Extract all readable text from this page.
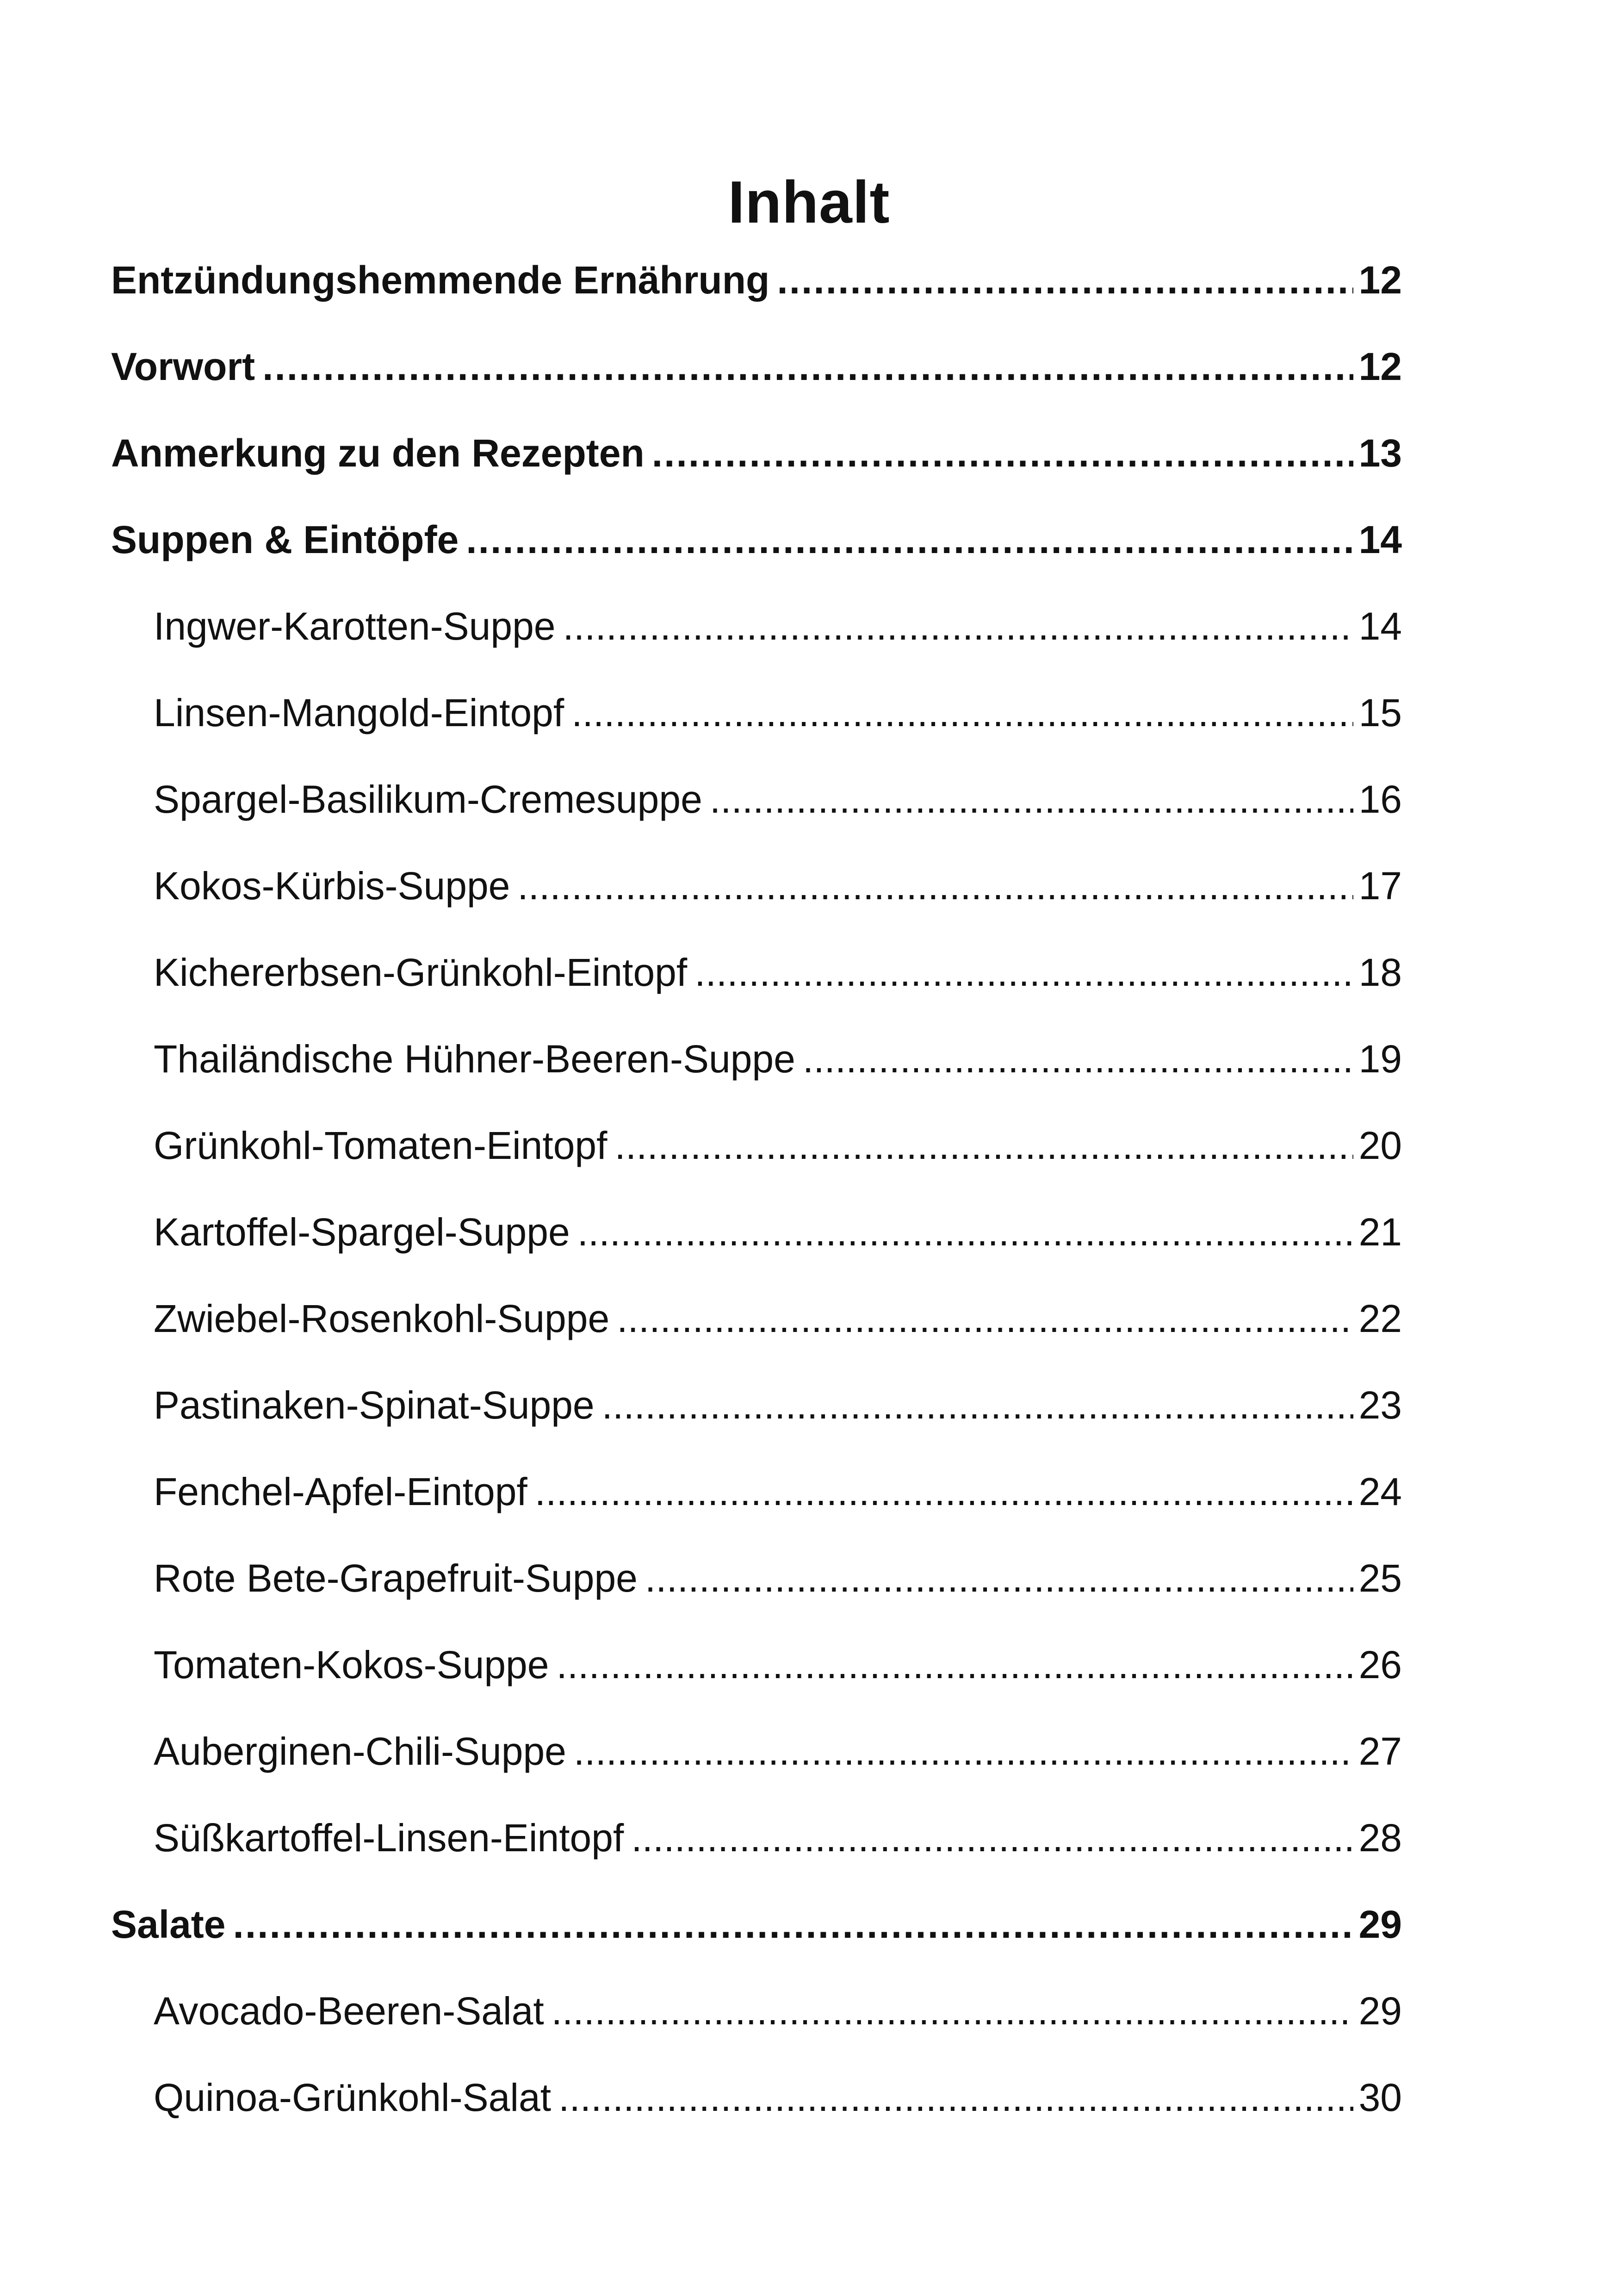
Inhalt
Entzündungshemmende Ernährung .....	12
Vorwort .....	12
Anmerkung zu den Rezepten .....	13
Suppen & Eintöpfe .....	14
Ingwer-Karotten-Suppe .....	14
Linsen-Mangold-Eintopf .....	15
Spargel-Basilikum-Cremesuppe .....	16
Kokos-Kürbis-Suppe .....	17
Kichererbsen-Grünkohl-Eintopf .....	18
Thailändische Hühner-Beeren-Suppe .....	19
Grünkohl-Tomaten-Eintopf .....	20
Kartoffel-Spargel-Suppe .....	21
Zwiebel-Rosenkohl-Suppe .....	22
Pastinaken-Spinat-Suppe .....	23
Fenchel-Apfel-Eintopf .....	24
Rote Bete-Grapefruit-Suppe .....	25
Tomaten-Kokos-Suppe .....	26
Auberginen-Chili-Suppe .....	27
Süßkartoffel-Linsen-Eintopf .....	28
Salate .....	29
Avocado-Beeren-Salat .....	29
Quinoa-Grünkohl-Salat .....	30
